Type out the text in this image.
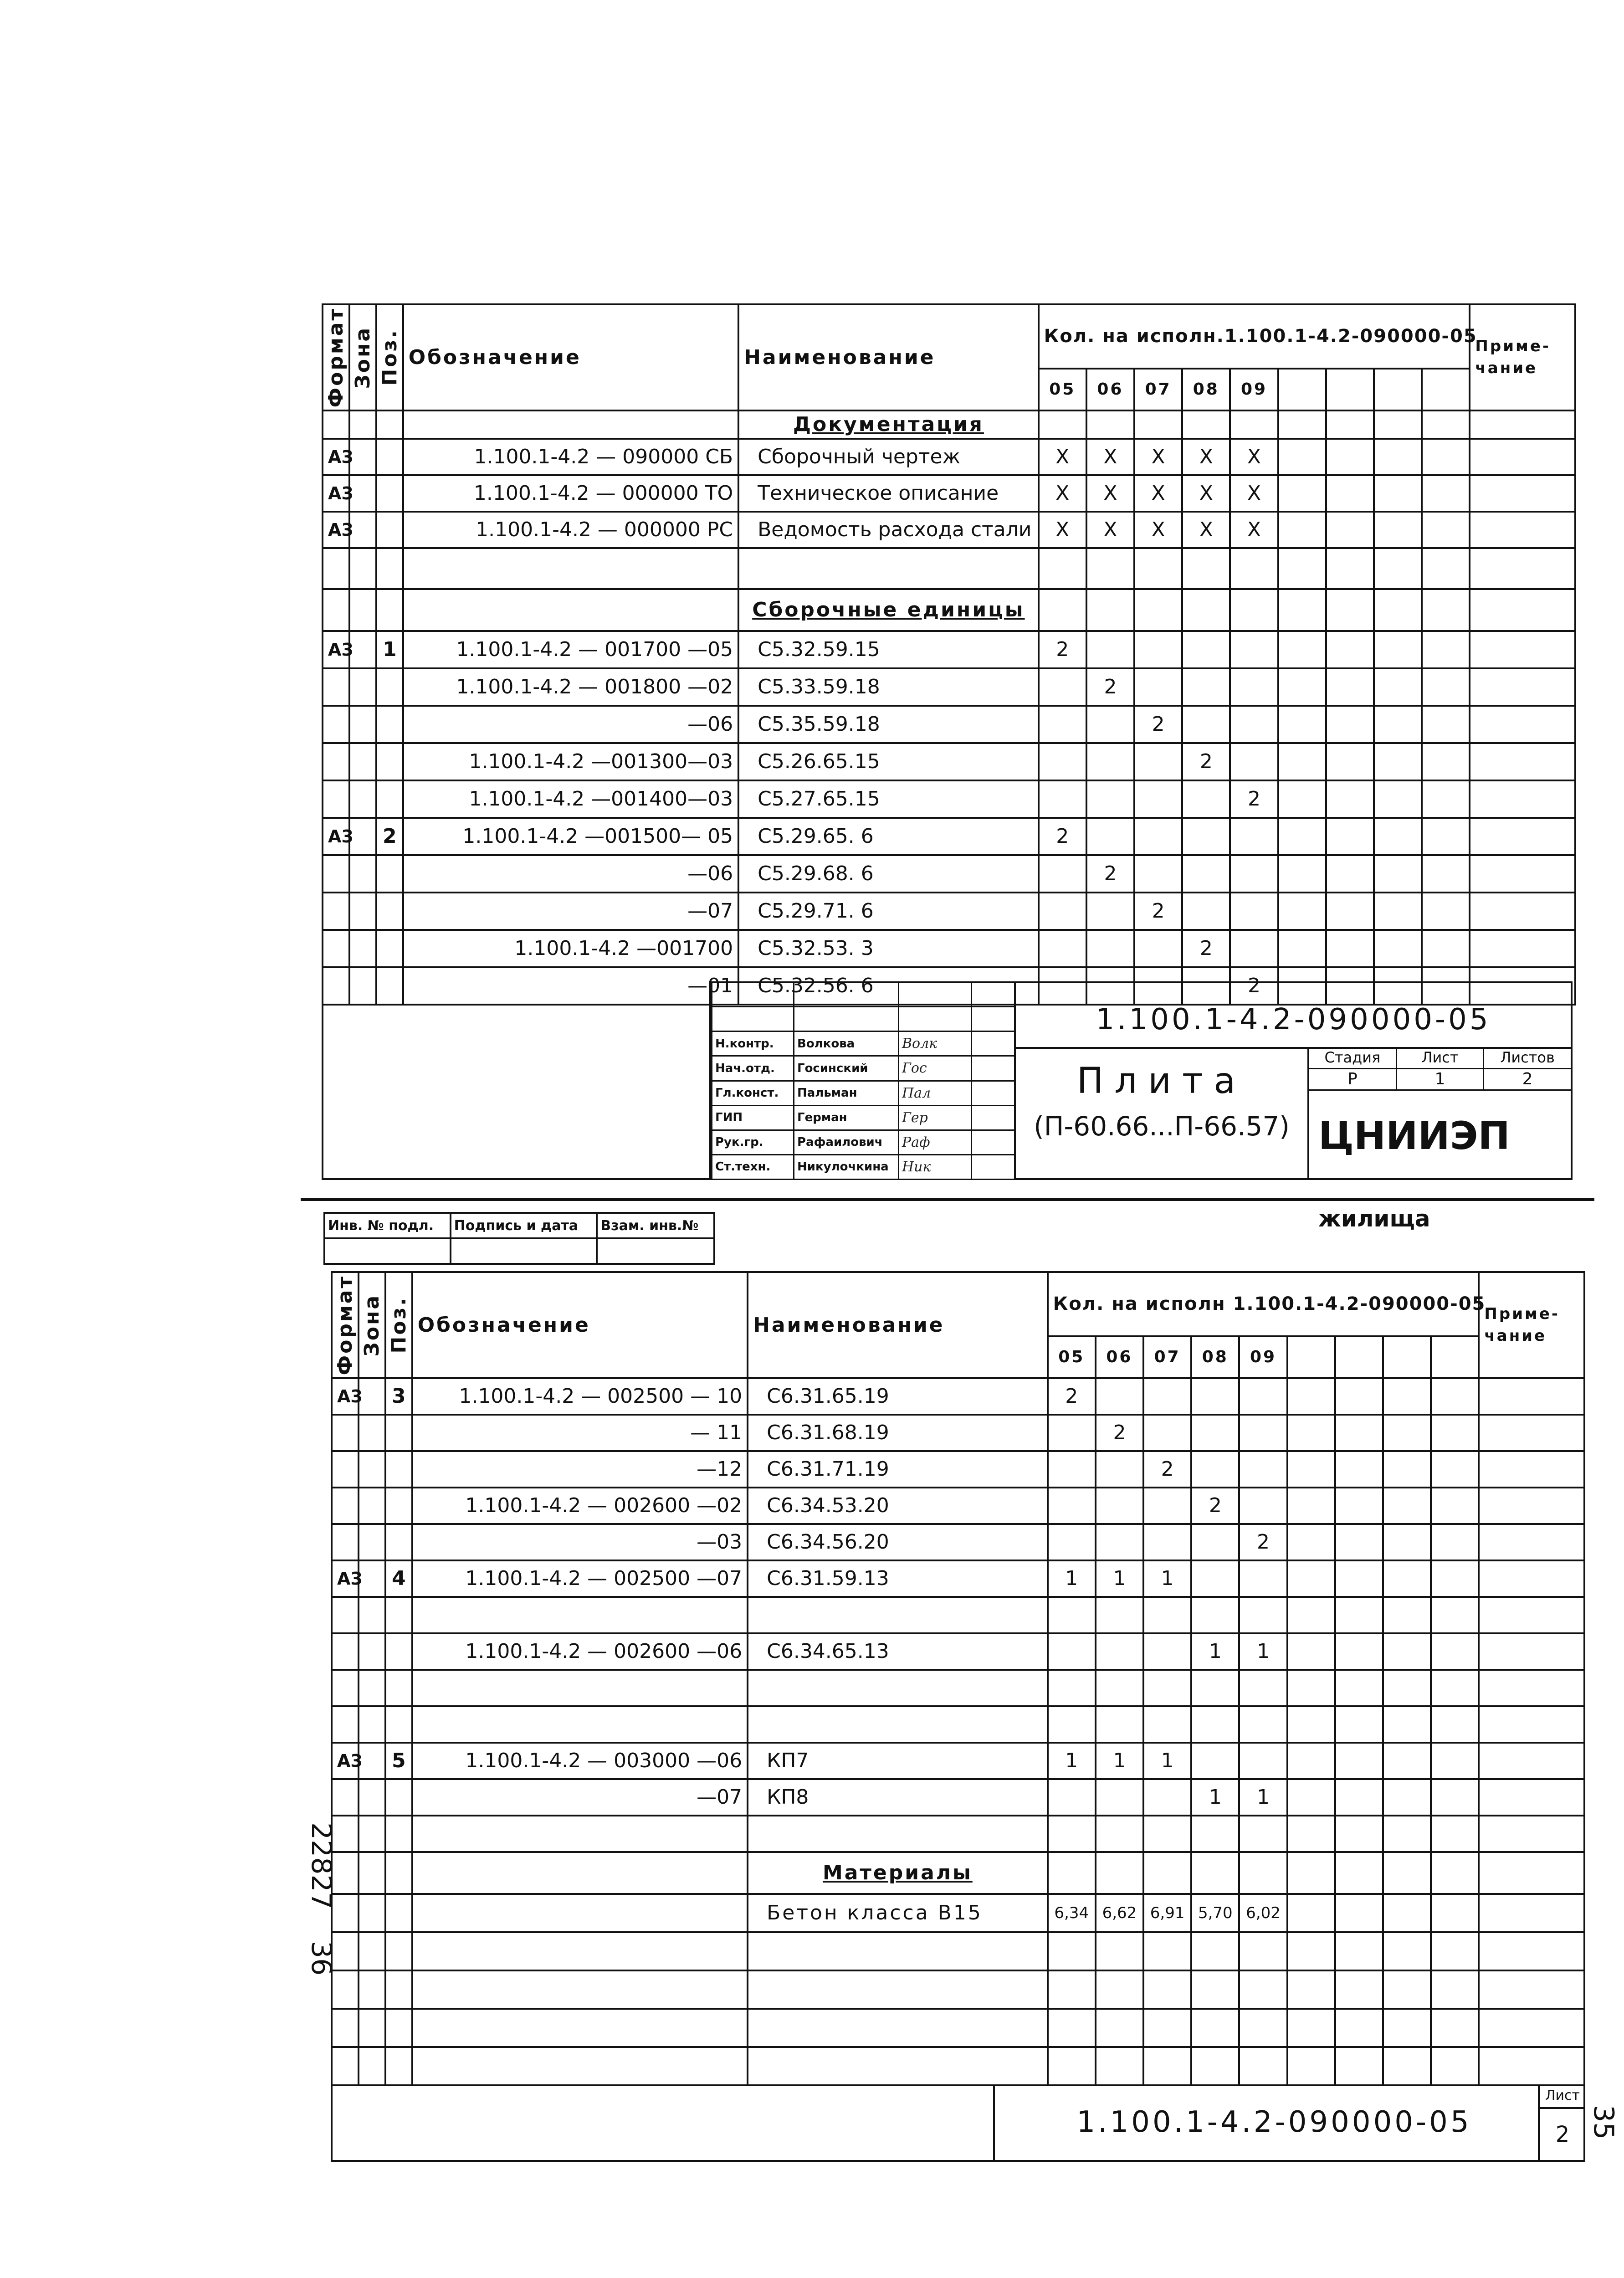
Формат	Зона	Поз.	Обозначение	Наименование	Кол. на исполн.1.100.1-4.2-090000-05									Приме-чание
					05	06	07	08	09					
				Документация										
А3			1.100.1-4.2 — 090000 СБ	Сборочный чертеж	X	X	X	X	X					
А3			1.100.1-4.2 — 000000 ТО	Техническое описание	X	X	X	X	X					
А3			1.100.1-4.2 — 000000 РС	Ведомость расхода стали	X	X	X	X	X					

				Сборочные единицы										
А3		1	1.100.1-4.2 — 001700 —05	С5.32.59.15	2									
			1.100.1-4.2 — 001800 —02	С5.33.59.18		2								
			—06	С5.35.59.18			2							
			1.100.1-4.2 —001300—03	С5.26.65.15				2						
			1.100.1-4.2 —001400—03	С5.27.65.15					2					
А3		2	1.100.1-4.2 —001500— 05	С5.29.65. 6	2									
			—06	С5.29.68. 6		2								
			—07	С5.29.71. 6			2							
			1.100.1-4.2 —001700	С5.32.53. 3				2						
			—01	С5.32.56. 6					2					

Н.контр.	Волкова	Волк	
Нач.отд.	Госинский	Гос	
Гл.конст.	Пальман	Пал	
ГИП	Герман	Гер	
Рук.гр.	Рафаилович	Раф	
Ст.техн.	Никулочкина	Ник	
1.100.1-4.2-090000-05
Плита
(П-60.66...П-66.57)
Стадия	Лист	Листов
Р	1	2
ЦНИИЭП жилища
Инв. № подл.	Подпись и дата	Взам. инв.№

Формат	Зона	Поз.	Обозначение	Наименование	Кол. на исполн 1.100.1-4.2-090000-05									Приме-чание
					05	06	07	08	09					
А3		3	1.100.1-4.2 — 002500 — 10	С6.31.65.19	2									
			— 11	С6.31.68.19		2								
			—12	С6.31.71.19			2							
			1.100.1-4.2 — 002600 —02	С6.34.53.20				2						
			—03	С6.34.56.20					2					
А3		4	1.100.1-4.2 — 002500 —07	С6.31.59.13	1	1	1							

			1.100.1-4.2 — 002600 —06	С6.34.65.13				1	1					

А3		5	1.100.1-4.2 — 003000 —06	КП7	1	1	1							
			—07	КП8				1	1					

				Материалы										
				Бетон класса В15	6,34	6,62	6,91	5,70	6,02					

1.100.1-4.2-090000-05
Лист
2
22827
36
35
